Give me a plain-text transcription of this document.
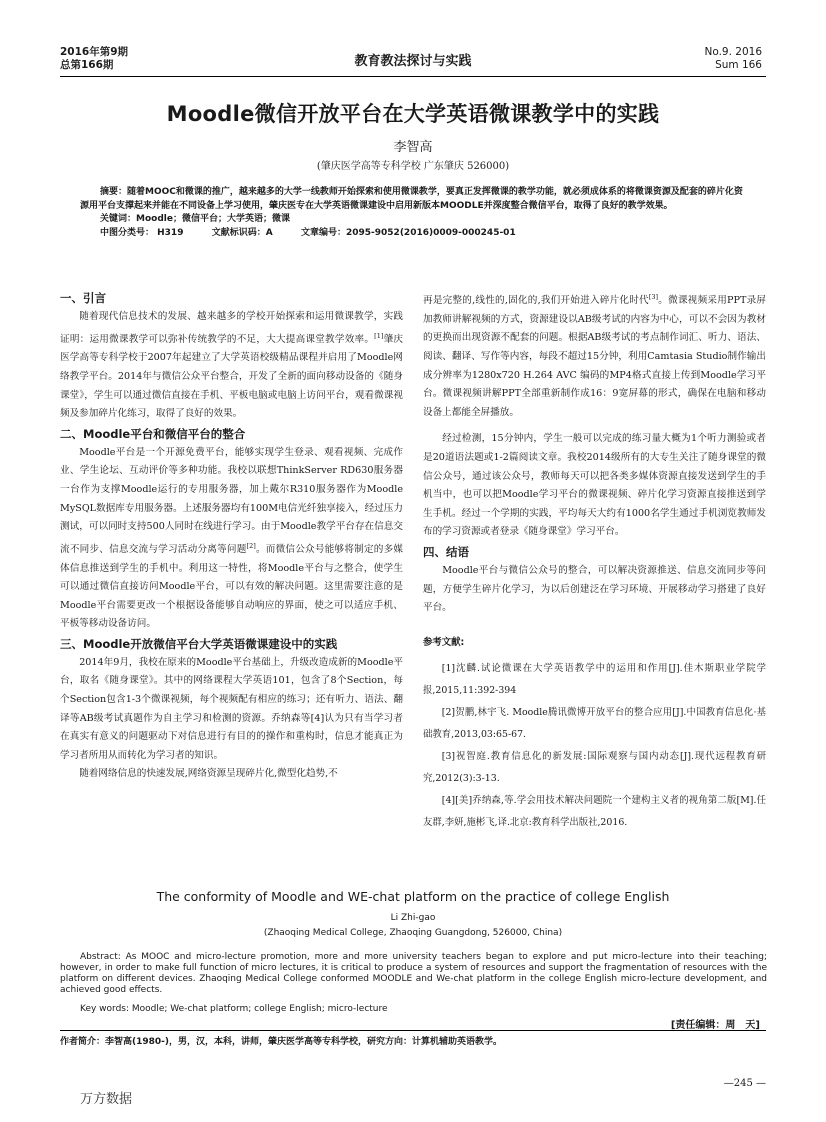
2016年第9期
总第166期	教育教法探讨与实践
No.9. 2016
Sum 166
Moodle微信开放平台在大学英语微课教学中的实践
李智高
(肇庆医学高等专科学校 广东肇庆 526000)

摘要：随着MOOC和微课的推广，越来越多的大学一线教师开始探索和使用微课教学，要真正发挥微课的教学功能，就必须成体系的将微课资源及配套的碎片化资源用平台支撑起来并能在不同设备上学习使用，肇庆医专在大学英语微课建设中启用新版本MOODLE并深度整合微信平台，取得了良好的教学效果。

关键词：Moodle；微信平台；大学英语；微课

中图分类号： H319	文献标识码：A	文章编号：2095-9052(2016)0009-000245-01

一、引言

随着现代信息技术的发展、越来越多的学校开始探索和运用微课教学，实践证明：运用微课教学可以弥补传统教学的不足，大大提高课堂教学效率。[1]肇庆医学高等专科学校于2007年起建立了大学英语校级精品课程并启用了Moodle网络教学平台。2014年与微信公众平台整合，开发了全新的面向移动设备的《随身课堂》，学生可以通过微信直接在手机、平板电脑或电脑上访问平台，观看微课视频及参加碎片化练习，取得了良好的效果。

二、Moodle平台和微信平台的整合

Moodle平台是一个开源免费平台，能够实现学生登录、观看视频、完成作业、学生论坛、互动评价等多种功能。我校以联想ThinkServer RD630服务器一台作为支撑Moodle运行的专用服务器，加上戴尔R310服务器作为Moodle MySQL数据库专用服务器。上述服务器均有100M电信光纤独享接入，经过压力测试，可以同时支持500人同时在线进行学习。由于Moodle教学平台存在信息交流不同步、信息交流与学习活动分离等问题[2]。而微信公众号能够将制定的多媒体信息推送到学生的手机中。利用这一特性，将Moodle平台与之整合，使学生可以通过微信直接访问Moodle平台，可以有效的解决问题。这里需要注意的是Moodle平台需要更改一个根据设备能够自动响应的界面，使之可以适应手机、平板等移动设备访问。

三、Moodle开放微信平台大学英语微课建设中的实践

2014年9月，我校在原来的Moodle平台基础上，升级改造成新的Moodle平台，取名《随身课堂》。其中的网络课程大学英语101，包含了8个Section，每个Section包含1-3个微课视频，每个视频配有相应的练习；还有听力、语法、翻译等AB级考试真题作为自主学习和检测的资源。乔纳森等[4]认为只有当学习者在真实有意义的问题驱动下对信息进行有目的的操作和重构时，信息才能真正为学习者所用从而转化为学习者的知识。

随着网络信息的快速发展,网络资源呈现碎片化,微型化趋势,不

再是完整的,线性的,固化的,我们开始进入碎片化时代[3]。微课视频采用PPT录屏加教师讲解视频的方式，资源建设以AB级考试的内容为中心，可以不会因为教材的更换而出现资源不配套的问题。根据AB级考试的考点制作词汇、听力、语法、阅读、翻译、写作等内容，每段不超过15分钟，利用Camtasia Studio制作输出成分辨率为1280x720 H.264 AVC 编码的MP4格式直接上传到Moodle学习平台。微课视频讲解PPT全部重新制作成16：9宽屏幕的形式，确保在电脑和移动设备上都能全屏播放。

经过检测，15分钟内，学生一般可以完成的练习量大概为1个听力测验或者是20道语法题或1-2篇阅读文章。我校2014级所有的大专生关注了随身课堂的微信公众号，通过该公众号，教师每天可以把各类多媒体资源直接发送到学生的手机当中，也可以把Moodle学习平台的微课视频、碎片化学习资源直接推送到学生手机。经过一个学期的实践，平均每天大约有1000名学生通过手机浏览教师发布的学习资源或者登录《随身课堂》学习平台。

四、结语

Moodle平台与微信公众号的整合，可以解决资源推送、信息交流同步等问题，方便学生碎片化学习，为以后创建泛在学习环境、开展移动学习搭建了良好平台。

参考文献:

[1]沈麟.试论微课在大学英语教学中的运用和作用[J].佳木斯职业学院学报,2015,11:392-394

[2]贺鹏,林宇飞. Moodle腾讯微博开放平台的整合应用[J].中国教育信息化·基础教育,2013,03:65-67.

[3]祝智庭.教育信息化的新发展:国际观察与国内动态[J].现代远程教育研究,2012(3):3-13.

[4][美]乔纳森,等.学会用技术解决问题院一个建构主义者的视角第二版[M].任友群,李妍,施彬飞,译.北京:教育科学出版社,2016.

The conformity of Moodle and WE-chat platform on the practice of college English
Li Zhi-gao
(Zhaoqing Medical College, Zhaoqing Guangdong, 526000, China)
Abstract: As MOOC and micro-lecture promotion, more and more university teachers began to explore and put micro-lecture into their teaching; however, in order to make full function of micro lectures, it is critical to produce a system of resources and support the fragmentation of resources with the platform on different devices. Zhaoqing Medical College conformed MOODLE and We-chat platform in the college English micro-lecture development, and achieved good effects.
Key words: Moodle; We-chat platform; college English; micro-lecture
[责任编辑：周　天]
作者简介：李智高(1980-)，男，汉，本科，讲师，肇庆医学高等专科学校，研究方向：计算机辅助英语教学。
—245 —
万方数据
